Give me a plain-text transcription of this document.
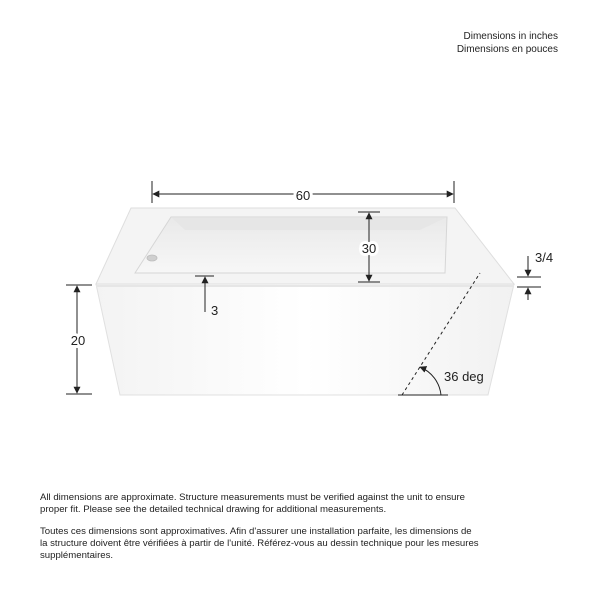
Dimensions in inches
Dimensions en pouces
60
30
20
3/4
3
36 deg

All dimensions are approximate. Structure measurements must be verified against the unit to ensure proper fit. Please see the detailed technical drawing for additional measurements.

Toutes ces dimensions sont approximatives. Afin d'assurer une installation parfaite, les dimensions de la structure doivent être vérifiées à partir de l'unité. Référez-vous au dessin technique pour les mesures supplémentaires.
